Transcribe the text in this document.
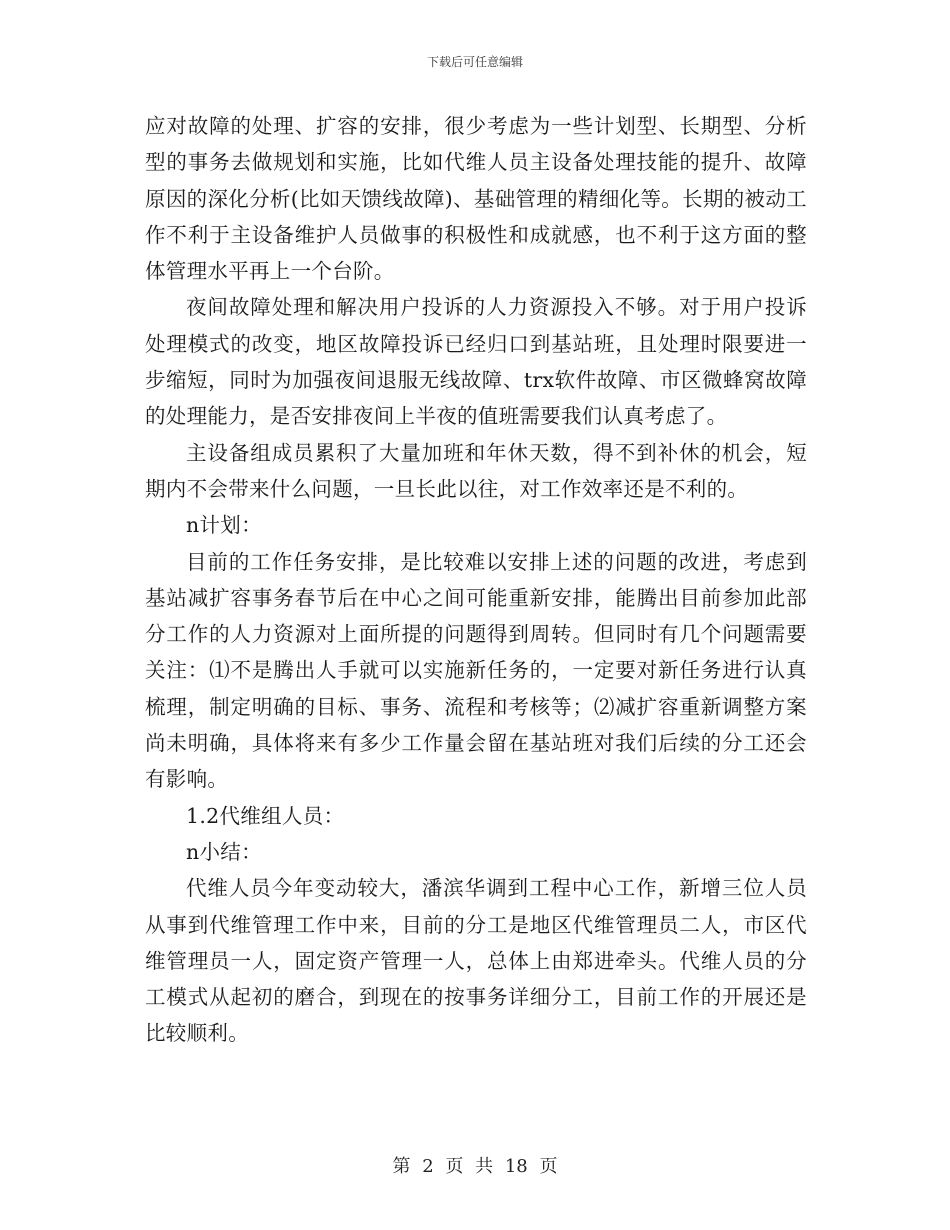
下载后可任意编辑

应对故障的处理、扩容的安排，很少考虑为一些计划型、长期型、分析型的事务去做规划和实施，比如代维人员主设备处理技能的提升、故障原因的深化分析(比如天馈线故障)、基础管理的精细化等。长期的被动工作不利于主设备维护人员做事的积极性和成就感，也不利于这方面的整体管理水平再上一个台阶。

夜间故障处理和解决用户投诉的人力资源投入不够。对于用户投诉处理模式的改变，地区故障投诉已经归口到基站班，且处理时限要进一步缩短，同时为加强夜间退服无线故障、trx软件故障、市区微蜂窝故障的处理能力，是否安排夜间上半夜的值班需要我们认真考虑了。

主设备组成员累积了大量加班和年休天数，得不到补休的机会，短期内不会带来什么问题，一旦长此以往，对工作效率还是不利的。

n计划：

目前的工作任务安排，是比较难以安排上述的问题的改进，考虑到基站减扩容事务春节后在中心之间可能重新安排，能腾出目前参加此部分工作的人力资源对上面所提的问题得到周转。但同时有几个问题需要关注：⑴不是腾出人手就可以实施新任务的，一定要对新任务进行认真梳理，制定明确的目标、事务、流程和考核等；⑵减扩容重新调整方案尚未明确，具体将来有多少工作量会留在基站班对我们后续的分工还会有影响。

1.2代维组人员：

n小结：

代维人员今年变动较大，潘滨华调到工程中心工作，新增三位人员从事到代维管理工作中来，目前的分工是地区代维管理员二人，市区代维管理员一人，固定资产管理一人，总体上由郑进牵头。代维人员的分工模式从起初的磨合，到现在的按事务详细分工，目前工作的开展还是比较顺利。

第 2 页 共 18 页
